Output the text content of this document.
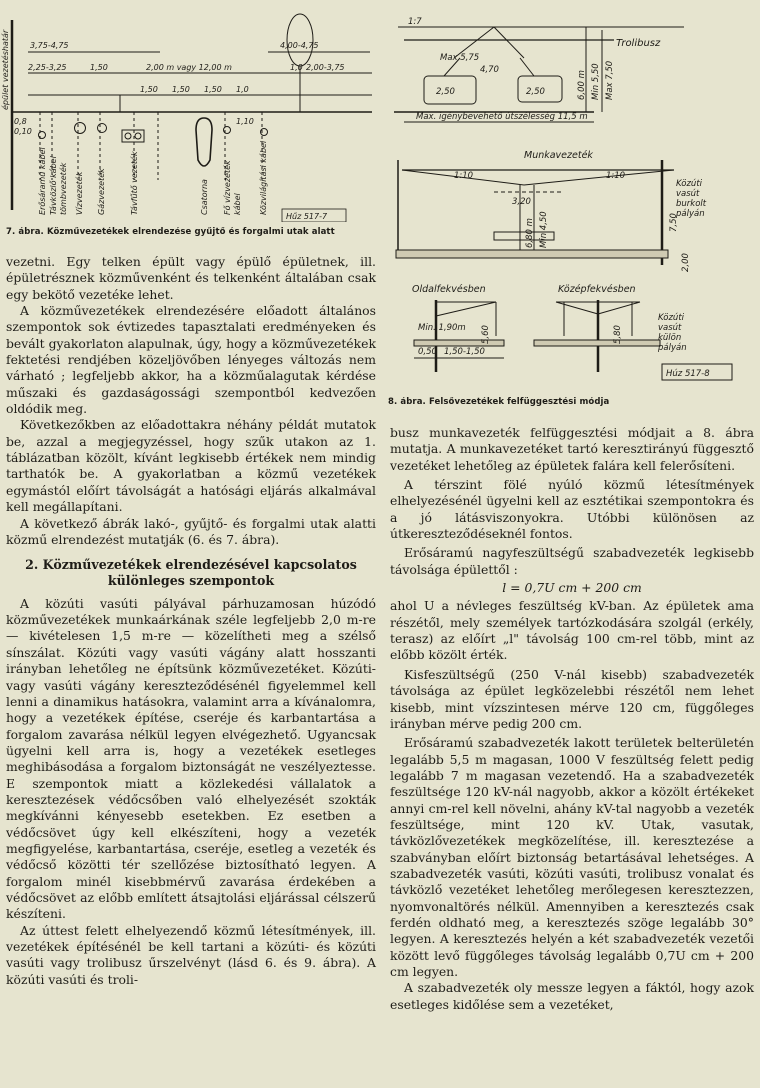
3,75-4,75
2,25-3,25	1,50	2,00 m vagy 12,00 m
4,00-4,75
2,00-3,75
1,50 1,50 1,50 1,0
1,0
0,8
0,10
1,10
épület vezetéshatár
Erősáramú kábel Távközlő kábel tömbvezeték Vízvezeték Gázvezeték	Távfűtő vezeték	Csatorna Fő vízvezeték kábel Közvilágítási kábel
Hűz 517-7
7. ábra. Közművezetékek elrendezése gyűjtő és forgalmi utak alatt

vezetni. Egy telken épült vagy épülő épületnek, ill. épületrésznek közművenként és telkenként általában csak egy bekötő vezetéke lehet.

A közművezetékek elrendezésére előadott általános szempontok sok évtizedes tapasztalati eredményeken és bevált gyakorlaton alapulnak, úgy, hogy a közművezetékek fektetési rendjében közeljövőben lényeges változás nem várható ; legfeljebb akkor, ha a közműalagutak kérdése műszaki és gazdaságossági szempontból kedvezően oldódik meg.

Következőkben az előadottakra néhány példát mutatok be, azzal a megjegyzéssel, hogy szűk utakon az 1. táblázatban közölt, kívánt legkisebb értékek nem mindig tarthatók be. A gyakorlatban a közmű vezetékek egymástól előírt távolságát a hatósági eljárás alkalmával kell megállapítani.

A következő ábrák lakó-, gyűjtő- és forgalmi utak alatti közmű elrendezést mutatják (6. és 7. ábra).

2. Közművezetékek elrendezésével kapcsolatos különleges szempontok

A közúti vasúti pályával párhuzamosan húzódó közművezetékek munkaárkának széle legfeljebb 2,0 m-re — kivételesen 1,5 m-re — közelítheti meg a szélső sínszálat. Közúti vagy vasúti vágány alatt hosszanti irányban lehetőleg ne építsünk közművezetéket. Közúti- vagy vasúti vágány kereszteződésénél figyelemmel kell lenni a dinamikus hatásokra, valamint arra a kívánalomra, hogy a vezetékek építése, cseréje és karbantartása a forgalom zavarása nélkül legyen elvégezhető. Ugyancsak ügyelni kell arra is, hogy a vezetékek esetleges meghibásodása a forgalom biztonságát ne veszélyeztesse. E szempontok miatt a közlekedési vállalatok a keresztezések védőcsőben való elhelyezését szokták megkívánni kényesebb esetekben. Ez esetben a védőcsövet úgy kell elkészíteni, hogy a vezeték megfigyelése, karbantartása, cseréje, esetleg a vezeték és védőcső közötti tér szellőzése biztosítható legyen. A forgalom minél kisebbmérvű zavarása érdekében a védőcsövet az előbb említett átsajtolási eljárással célszerű készíteni.

Az úttest felett elhelyezendő közmű létesítmények, ill. vezetékek építésénél be kell tartani a közúti- és közúti vasúti vagy trolibusz űrszelvényt (lásd 6. és 9. ábra). A közúti vasúti és troli-

1:7
Trolibusz
Max 5,75
4,70
2,50	2,50	6,00 m Min 5,50 Max 7,50
Max. igénybevehető útszélesség 11,5 m
Munkavezeték
1:10	1:10
3,20
6,80 m Min 4,50	7,50
2,00
Közúti
vasút
burkolt
pályán
Oldalfekvésben	Középfekvésben
Min. 1,90m
0,50 1,50-1,50
5,60	5,80
Közúti
vasút
külön
pályán
Húz 517-8
8. ábra. Felsővezetékek felfüggesztési módja

busz munkavezeték felfüggesztési módjait a 8. ábra mutatja. A munkavezetéket tartó keresztirányú függesztő vezetéket lehetőleg az épületek falára kell felerősíteni.

A térszint fölé nyúló közmű létesítmények elhelyezésénél ügyelni kell az esztétikai szempontokra és a jó látásviszonyokra. Utóbbi különösen az útkereszteződéseknél fontos.

Erősáramú nagyfeszültségű szabadvezeték legkisebb távolsága épülettől :

l = 0,7U cm + 200 cm

ahol U a névleges feszültség kV-ban. Az épületek ama részétől, mely személyek tartózkodására szolgál (erkély, terasz) az előírt „l" távolság 100 cm-rel több, mint az előbb közölt érték.

Kisfeszültségű (250 V-nál kisebb) szabadvezeték távolsága az épület legközelebbi részétől nem lehet kisebb, mint vízszintesen mérve 120 cm, függőleges irányban mérve pedig 200 cm.

Erősáramú szabadvezeték lakott területek belterületén legalább 5,5 m magasan, 1000 V feszültség felett pedig legalább 7 m magasan vezetendő. Ha a szabadvezeték feszültsége 120 kV-nál nagyobb, akkor a közölt értékeket annyi cm-rel kell növelni, ahány kV-tal nagyobb a vezeték feszültsége, mint 120 kV. Utak, vasutak, távközlővezetékek megközelítése, ill. keresztezése a szabványban előírt biztonság betartásával lehetséges. A szabadvezeték vasúti, közúti vasúti, trolibusz vonalat és távközlő vezetéket lehetőleg merőlegesen keresztezzen, nyomvonaltörés nélkül. Amennyiben a keresztezés csak ferdén oldható meg, a keresztezés szöge legalább 30° legyen. A keresztezés helyén a két szabadvezeték vezetői között levő függőleges távolság legalább 0,7U cm + 200 cm legyen.

A szabadvezeték oly messze legyen a fáktól, hogy azok esetleges kidőlése sem a vezetéket,
